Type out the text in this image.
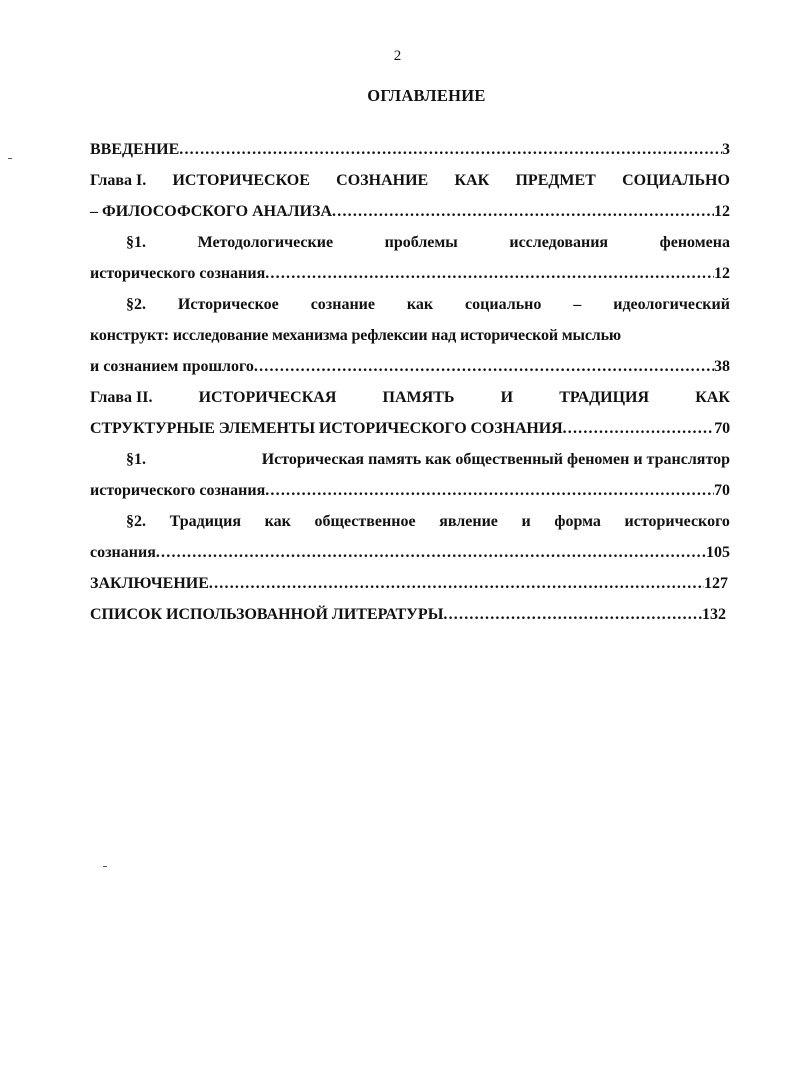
2
ОГЛАВЛЕНИЕ
ВВЕДЕНИЕ .....	3
Глава I. ИСТОРИЧЕСКОЕ СОЗНАНИЕ КАК ПРЕДМЕТ СОЦИАЛЬНО
– ФИЛОСОФСКОГО АНАЛИЗА .....	12
§1.	Методологические	проблемы	исследования	феномена
исторического сознания .....	12
§2. Историческое сознание как социально – идеологический
конструкт: исследование механизма рефлексии над исторической мыслью
и сознанием прошлого .....	38
Глава II.	ИСТОРИЧЕСКАЯ	ПАМЯТЬ	И	ТРАДИЦИЯ	КАК
СТРУКТУРНЫЕ ЭЛЕМЕНТЫ ИСТОРИЧЕСКОГО СОЗНАНИЯ .....	70
§1.	Историческая память как общественный феномен и транслятор
исторического сознания .....	70
§2. Традиция как общественное явление и форма исторического
сознания .....	105
ЗАКЛЮЧЕНИЕ .....	127
СПИСОК ИСПОЛЬЗОВАННОЙ ЛИТЕРАТУРЫ .....	132
